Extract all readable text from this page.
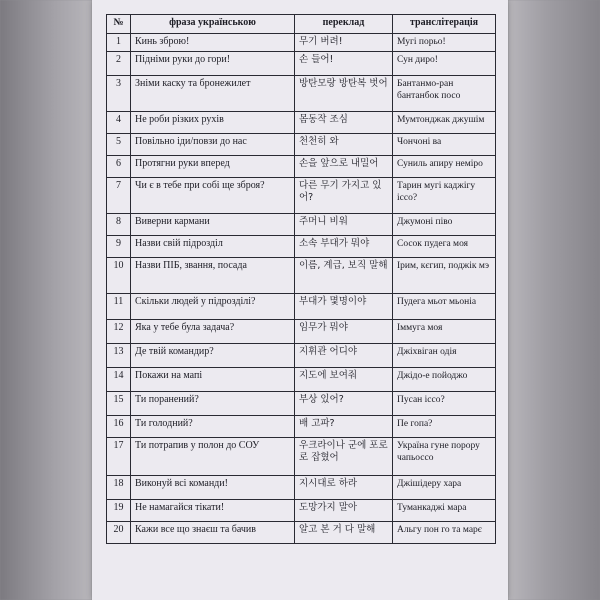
№	фраза українською	переклад	транслітерація
1	Кинь зброю!	무기 버려!	Мугі порьо!
2	Підніми руки до гори!	손 들어!	Сун диро!
3	Зніми каску та бронежилет	방탄모랑 방탄복 벗어	Бантанмо-ран бантанбок посо
4	Не роби різких рухів	몸동작 조심	Мумтонджак джушім
5	Повільно іди/повзи до нас	천천히 와	Чончоні ва
6	Протягни руки вперед	손을 앞으로 내밀어	Суниль апиру неміро
7	Чи є в тебе при собі ще зброя?	다른 무기 가지고 있어?	Тарин мугі каджігу іссо?
8	Виверни кармани	주머니 비워	Джумоні піво
9	Назви свій підрозділ	소속 부대가 뭐야	Сосок пудега моя
10	Назви ПІБ, звання, посада	이름, 계급, 보직 말해	Ірим, кєгип, поджік мэ
11	Скільки людей у підрозділі?	부대가 몇명이야	Пудега мьот мьоніа
12	Яка у тебе була задача?	임무가 뭐야	Іммуга моя
13	Де твій командир?	지휘관 어디야	Джіхвіган одія
14	Покажи на мапі	지도에 보여줘	Джідо-е пойоджо
15	Ти поранений?	부상 있어?	Пусан іссо?
16	Ти голодний?	배 고파?	Пе гопа?
17	Ти потрапив у полон до СОУ	우크라이나 군에 포로로 잡혔어	Україна гуне порору чапьоссо
18	Виконуй всі команди!	지시대로 하라	Джішідеру хара
19	Не намагайся тікати!	도망가지 말아	Туманкаджі мара
20	Кажи все що знаєш та бачив	알고 본 거 다 말해	Альгу пон го та марє
